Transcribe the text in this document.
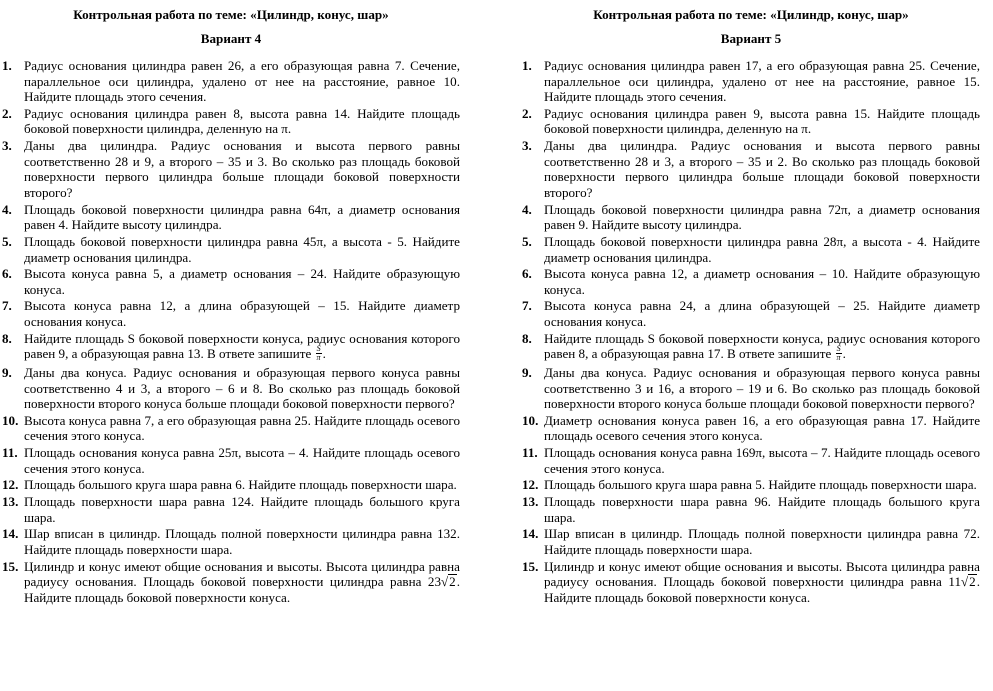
Контрольная работа по теме: «Цилиндр, конус, шар»
Вариант 4
1. Радиус основания цилиндра равен 26, а его образующая равна 7. Сечение, параллельное оси цилиндра, удалено от нее на расстояние, равное 10. Найдите площадь этого сечения.
2. Радиус основания цилиндра равен 8, высота равна 14. Найдите площадь боковой поверхности цилиндра, деленную на π.
3. Даны два цилиндра. Радиус основания и высота первого равны соответственно 28 и 9, а второго – 35 и 3. Во сколько раз площадь боковой поверхности первого цилиндра больше площади боковой поверхности второго?
4. Площадь боковой поверхности цилиндра равна 64π, а диаметр основания равен 4. Найдите высоту цилиндра.
5. Площадь боковой поверхности цилиндра равна 45π, а высота - 5. Найдите диаметр основания цилиндра.
6. Высота конуса равна 5, а диаметр основания – 24. Найдите образующую конуса.
7. Высота конуса равна 12, а длина образующей – 15. Найдите диаметр основания конуса.
8. Найдите площадь S боковой поверхности конуса, радиус основания которого равен 9, а образующая равна 13. В ответе запишите $\frac{S}{\pi}$ .
9. Даны два конуса. Радиус основания и образующая первого конуса равны соответственно 4 и 3, а второго – 6 и 8. Во сколько раз площадь боковой поверхности второго конуса больше площади боковой поверхности первого?
10. Высота конуса равна 7, а его образующая равна 25. Найдите площадь осевого сечения этого конуса.
11. Площадь основания конуса равна 25π, высота – 4. Найдите площадь осевого сечения этого конуса.
12. Площадь большого круга шара равна 6. Найдите площадь поверхности шара.
13. Площадь поверхности шара равна 124. Найдите площадь большого круга шара.
14. Шар вписан в цилиндр. Площадь полной поверхности цилиндра равна 132. Найдите площадь поверхности шара.
15. Цилиндр и конус имеют общие основания и высоты. Высота цилиндра равна радиусу основания. Площадь боковой поверхности цилиндра равна 23 √ 2 . Найдите площадь боковой поверхности конуса.
Контрольная работа по теме: «Цилиндр, конус, шар»
Вариант 5
1. Радиус основания цилиндра равен 17, а его образующая равна 25. Сечение, параллельное оси цилиндра, удалено от нее на расстояние, равное 15. Найдите площадь этого сечения.
2. Радиус основания цилиндра равен 9, высота равна 15. Найдите площадь боковой поверхности цилиндра, деленную на π.
3. Даны два цилиндра. Радиус основания и высота первого равны соответственно 28 и 3, а второго – 35 и 2. Во сколько раз площадь боковой поверхности первого цилиндра больше площади боковой поверхности второго?
4. Площадь боковой поверхности цилиндра равна 72π, а диаметр основания равен 9. Найдите высоту цилиндра.
5. Площадь боковой поверхности цилиндра равна 28π, а высота - 4. Найдите диаметр основания цилиндра.
6. Высота конуса равна 12, а диаметр основания – 10. Найдите образующую конуса.
7. Высота конуса равна 24, а длина образующей – 25. Найдите диаметр основания конуса.
8. Найдите площадь S боковой поверхности конуса, радиус основания которого равен 8, а образующая равна 17. В ответе запишите $\frac{S}{\pi}$ .
9. Даны два конуса. Радиус основания и образующая первого конуса равны соответственно 3 и 16, а второго – 19 и 6. Во сколько раз площадь боковой поверхности второго конуса больше площади боковой поверхности первого?
10. Диаметр основания конуса равен 16, а его образующая равна 17. Найдите площадь осевого сечения этого конуса.
11. Площадь основания конуса равна 169π, высота – 7. Найдите площадь осевого сечения этого конуса.
12. Площадь большого круга шара равна 5. Найдите площадь поверхности шара.
13. Площадь поверхности шара равна 96. Найдите площадь большого круга шара.
14. Шар вписан в цилиндр. Площадь полной поверхности цилиндра равна 72. Найдите площадь поверхности шара.
15. Цилиндр и конус имеют общие основания и высоты. Высота цилиндра равна радиусу основания. Площадь боковой поверхности цилиндра равна 11 √ 2 . Найдите площадь боковой поверхности конуса.
